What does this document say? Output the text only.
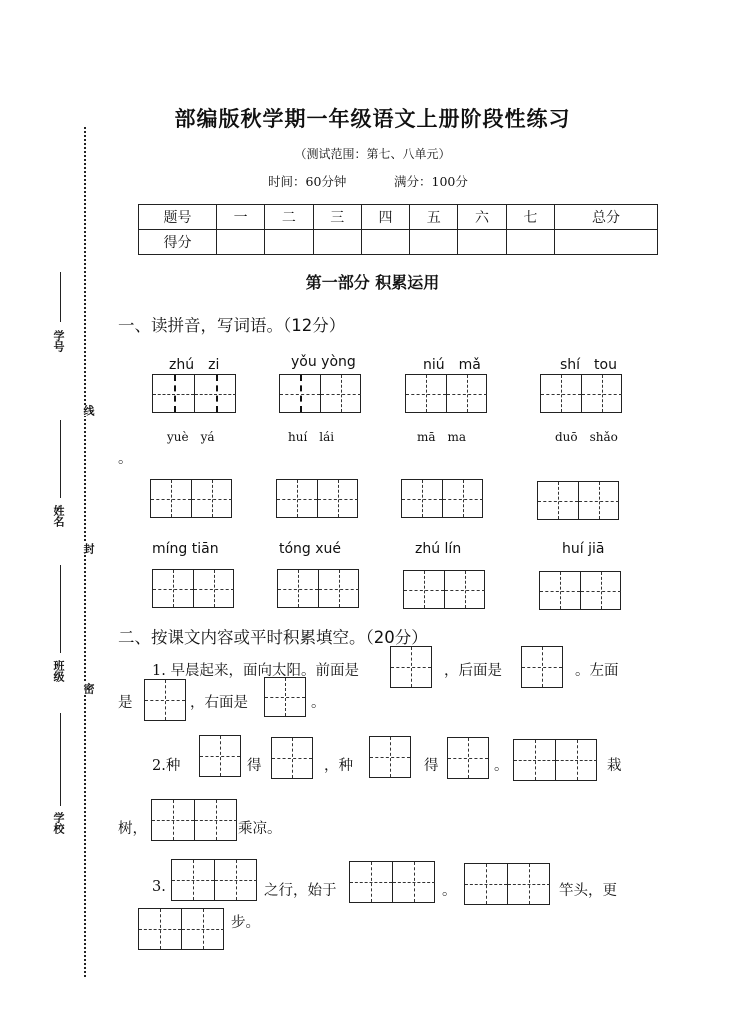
学号
姓名
班级
学校
线
封
密
部编版秋学期一年级语文上册阶段性练习
（测试范围：第七、八单元）
时间：60分钟	满分：100分
题号	一	二	三	四	五	六	七	总分
得分								
第一部分 积累运用
一、读拼音，写词语。（12分）
zhú　zi	yǒu yòng	niú　mǎ	shí　tou
yuè　yá	huí　lái	mā　ma	duō　shǎo
。
míng tiān	tóng xué	zhú lín	huí jiā
二、按课文内容或平时积累填空。（20分）
1. 早晨起来，面向太阳。前面是	，后面是	。左面
是	，右面是	。
2.种	得	，种	得	。	栽
树，	乘凉。
3.	之行，始于	。	竿头，更
步。
